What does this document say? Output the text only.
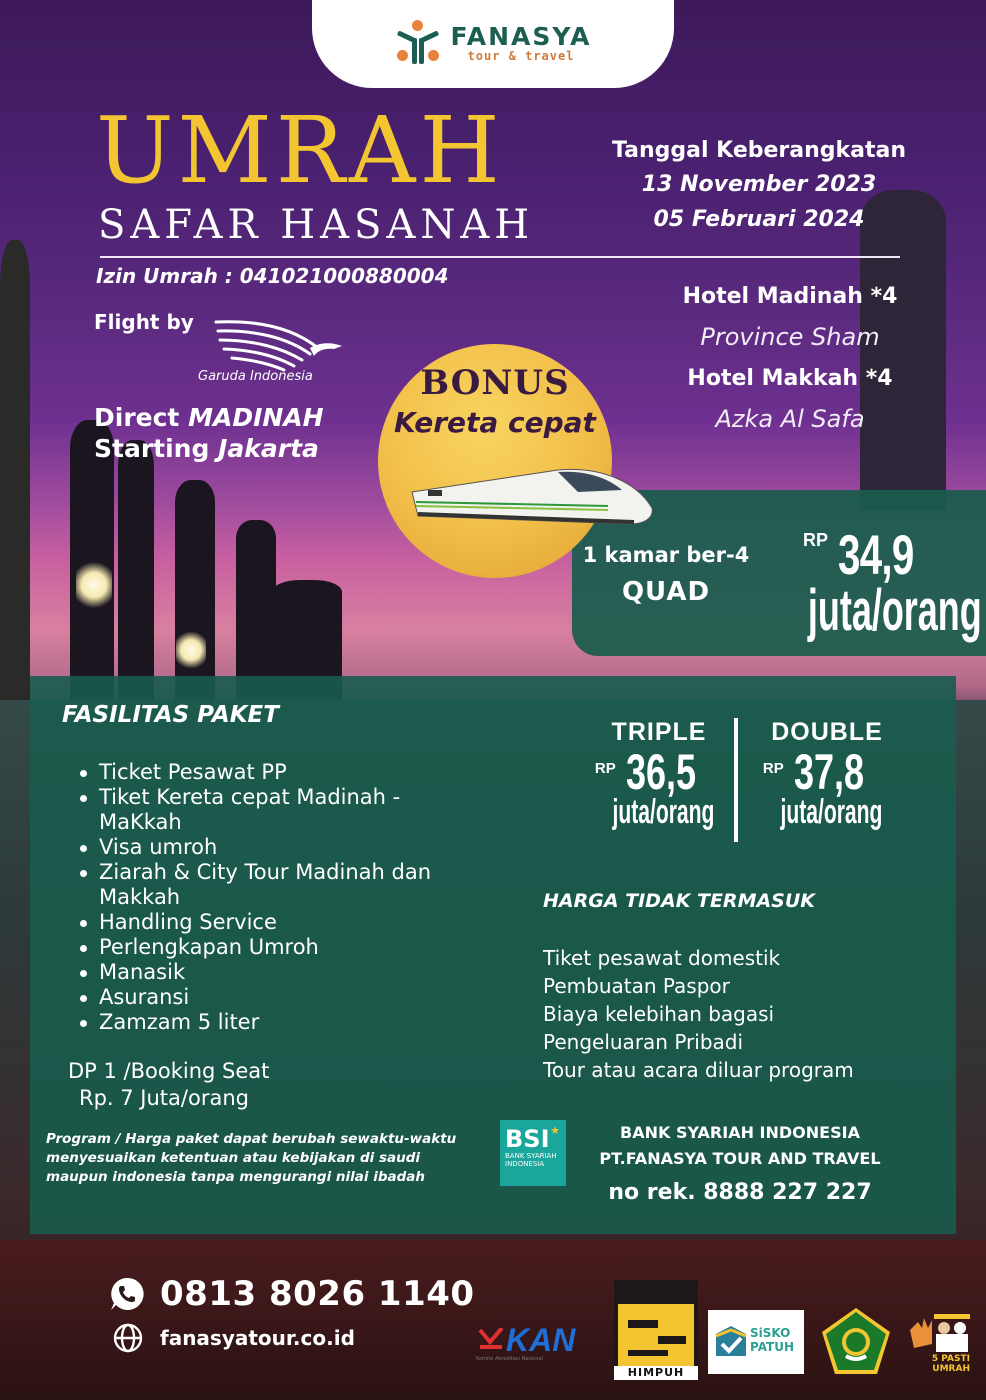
FANASYA
tour & travel
UMRAH
SAFAR HASANAH
Izin Umrah : 041021000880004
Tanggal Keberangkatan
13 November 2023
05 Februari 2024
Hotel Madinah *4
Province Sham
Hotel Makkah *4
Azka Al Safa
Flight by
Garuda Indonesia
Direct MADINAH
Starting Jakarta
BONUS
Kereta cepat
1 kamar ber-4
QUAD
RP 34,9
juta/orang
FASILITAS PAKET
Ticket Pesawat PP
Tiket Kereta cepat Madinah - MaKkah
Visa umroh
Ziarah & City Tour Madinah dan Makkah
Handling Service
Perlengkapan Umroh
Manasik
Asuransi
Zamzam 5 liter
DP 1 /Booking Seat
Rp. 7 Juta/orang
Program / Harga paket dapat berubah sewaktu-waktu menyesuaikan ketentuan atau kebijakan di saudi maupun indonesia tanpa mengurangi nilai ibadah
TRIPLE
RP 36,5
juta/orang
DOUBLE
RP 37,8
juta/orang
HARGA TIDAK TERMASUK
Tiket pesawat domestik
Pembuatan Paspor
Biaya kelebihan bagasi
Pengeluaran Pribadi
Tour atau acara diluar program
★
BSI
BANK SYARIAH INDONESIA
BANK SYARIAH INDONESIA
PT.FANASYA TOUR AND TRAVEL
no rek. 8888 227 227
0813 8026 1140
fanasyatour.co.id	KAN
Komite Akreditasi Nasional
HIMPUH
SiSKO
PATUH
5 PASTI
UMRAH
